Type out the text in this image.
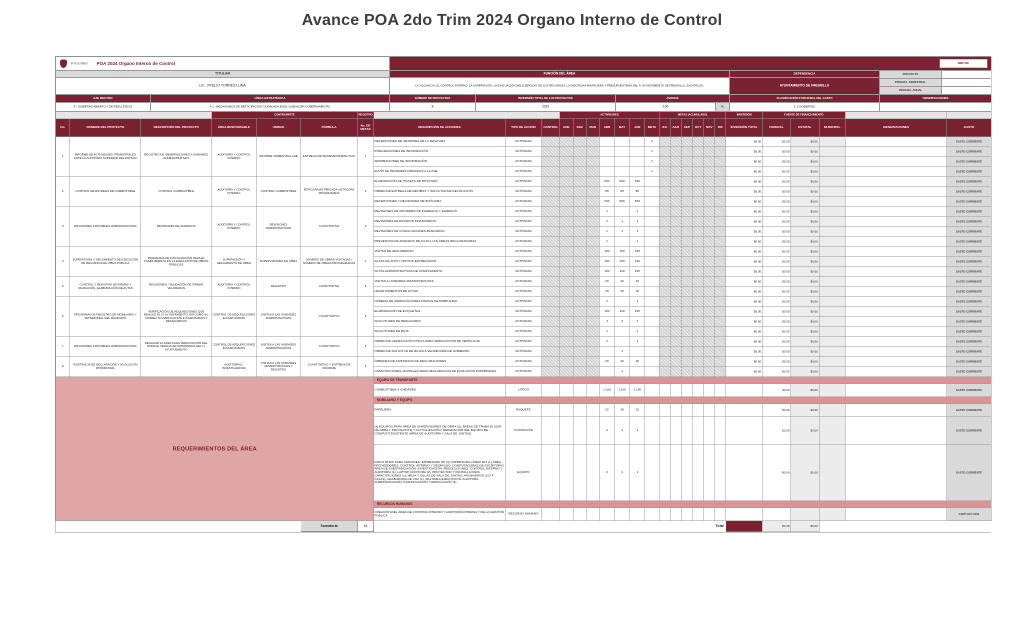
Avance POA 2do Trim 2024 Organo Interno de Control
Fresnillo POA 2024 Organo Interno de Control	MRP-RE
TITULAR	FUNCIÓN DEL ÁREA	DEPENDENCIA	PROYECTO
LIC. VITELIO TORRES LUNA	LA VIGILANCIA, EL CONTROL INTERNO, LA SUPERVISIÓN, LA EVALUACIÓN DEL EJERCICIO DE LOS RECURSOS, LA DISCIPLINA FINANCIERA Y PRESUPUESTARIA DEL H. AYUNTAMIENTO DE FRESNILLO, ZACATECAS.	AYUNTAMIENTO DE FRESNILLO
PROGRA. SEMESTRAL
PROGRA. ANUAL
EJE RECTOR	LÍNEA ESTRATÉGICA	NÚMERO DE PROYECTOS	INVERSIÓN TOTAL DE LOS PROYECTOS	AVANCE	CLASIFICACIÓN FUNCIONAL DEL GASTO	OBSERVACIONES
4.- GOBIERNO ABIERTO Y DE RESULTADOS	4.2.- MECANISMOS DE PARTICIPACIÓN CIUDADANA EN EL QUEHACER GUBERNAMENTAL	8	2023	100	%	1.3 GOBIERNO
			CONTRAPARTE			REGISTRO				ACTIVIDADES							METAS (ACUMULADO)						INVERSIÓN	FUENTE DE FINANCIAMIENTO				
No.	NOMBRE DEL PROYECTO	DESCRIPCIÓN DEL PROYECTO	ÁREA RESPONSABLE	UNIDAD	FÓRMULA	No. DE METAS	DESCRIPCIÓN DE ACCIONES	TIPO DE ACCIÓN	CONTROL	ENE	FEB	MAR	ABR	MAY	JUN	META	JUL	AGO	SEP	OCT	NOV	DIC	INVERSIÓN TOTAL	FEDERAL	ESTATAL	MUNICIPAL	OBSERVACIONES	GASTO
1	INFORME DE ACTIVIDADES TRIMESTRALES ANTE LA AUDITORÍA SUPERIOR DEL ESTADO	REGISTRO DE OBSERVACIONES A UNIDADES ADMINISTRATIVAS	AUDITORÍA Y CONTROL INTERNO	INFORME TRIMESTRAL ASE	ENTREGA DE INFORME RESPECTIVO	1	RECEPCIONES DE INFORMES DE LA JEFATURA	ACTIVIDAD								4							$0.00	$0.00	$0.00			GASTO CORRIENTE
							INTEGRACIONES DE INFORMACIÓN	ACTIVIDAD								1							$0.00	$0.00	$0.00			GASTO CORRIENTE
							APROBACIONES DE INFORMACIÓN	ACTIVIDAD								1							$0.00	$0.00	$0.00			GASTO CORRIENTE
							ENVÍO DE INFORMES FIRMADOS A LA ASE	ACTIVIDAD								1							$0.00	$0.00	$0.00			GASTO CORRIENTE
2	CONTROL DE ENTREGA DE COMBUSTIBLE	CONTROL COMBUSTIBLE	AUDITORÍA Y CONTROL INTERNO	CONTROL COMBUSTIBLE	BITÁCORA ENTREGADA / BITÁCORA PROGRAMADA	5	ELABORACIÓN DE TICKETS DE BITÁCORA	ACTIVIDAD					500	500	500								$0.00	$0.00	$0.00			GASTO CORRIENTE
							ORDEN DE ENTREGA DE RECIBOS Y SOLICITUD DE DEVOLUCIÓN	ACTIVIDAD					85	85	85								$0.00	$0.00	$0.00			GASTO CORRIENTE
							RECEPCIONES Y REVISIONES DE BITÁCORA	ACTIVIDAD					500	500	500								$0.00	$0.00	$0.00			GASTO CORRIENTE
3	REVISIONES CONTABLES ADMINISTRATIVAS	REVISIONES DE INGRESOS	AUDITORÍA Y CONTROL INTERNO	REVISIONES ADMINISTRATIVAS	CUANTITATIVA	5	REVISIONES DE INFORMES DE INGRESOS Y EGRESOS	ACTIVIDAD					1		1								$0.00	$0.00	$0.00			GASTO CORRIENTE
							REVISIONES DE ESTADOS FINANCIEROS	ACTIVIDAD					1	1	1								$0.00	$0.00	$0.00			GASTO CORRIENTE
							REVISIONES DE CONCILIACIONES BANCARIAS	ACTIVIDAD					1	1	1								$0.00	$0.00	$0.00			GASTO CORRIENTE
							PREVENTIVA DE ARQUEOS DE CAJA A LAS ÁREAS RECAUDADORAS	ACTIVIDAD					1		1								$0.00	$0.00	$0.00			GASTO CORRIENTE
4	SUPERVISIÓN Y SEGUIMIENTO DE EJECUCIÓN DE RECURSOS EN OBRA PÚBLICA	PROGRAMA DE FISCALIZACIÓN PARA EL CUMPLIMIENTO EN LA EJECUCIÓN DE OBRAS PÚBLICAS	SUPERVISIÓN Y SEGUIMIENTO DE OBRA	SUPERVISIONES DE OBRA	NÚMERO DE OBRAS VISITADAS / NÚMERO DE OBRAS PROGRAMADAS	1	VISITAS DE SEGUIMIENTO	ACTIVIDAD					150	150	150								$0.00	$0.00	$0.00			GASTO CORRIENTE
							ACTAS DE SITIO / OFICIOS ENTREGADOS	ACTIVIDAD					150	150	150								$0.00	$0.00	$0.00			GASTO CORRIENTE
							ACTAS ADMINISTRATIVAS DE CUMPLIMIENTO	ACTIVIDAD					150	150	150								$0.00	$0.00	$0.00			GASTO CORRIENTE
5	CONTROL Y REGISTRO DE FIRMAS Y VALIDACIÓN, ELABORACIÓN DE ACTAS	REVISIONES / VALIDACIÓN DE FIRMAS VALORADAS	AUDITORÍA Y CONTROL INTERNO	REGISTRO	CUANTITATIVA	6	VISITAS A UNIDADES ADMINISTRATIVAS	ACTIVIDAD					20	20	10								$0.00	$0.00	$0.00			GASTO CORRIENTE
							LEVANTAMIENTOS DE ACTAS	ACTIVIDAD					20	20	10								$0.00	$0.00	$0.00			GASTO CORRIENTE
6	PROGRAMA DE REGISTRO DE MOBILIARIO Y PATRIMONIAL DEL MUNICIPIO	VERIFICACIÓN DE ADQUISICIONES QUE REALICE EL H. AYUNTAMIENTO, ASÍ COMO SU CORRECTA VERIFICACIÓN E INVENTARIOS Y RESGUARDOS	CONTROL DE ADQUISICIONES E INVENTARIOS	VISITAS A LAS UNIDADES ADMINISTRATIVAS	CUANTITATIVO	5	NÚMERO DE VERIFICACIONES FÍSICAS DE MOBILIARIO	ACTIVIDAD					1		1								$0.00	$0.00	$0.00			GASTO CORRIENTE
							ELABORACIÓN DE ETIQUETAS	ACTIVIDAD					150	150	150								$0.00	$0.00	$0.00			GASTO CORRIENTE
							SOLICITUDES DE RESGUARDO	ACTIVIDAD					3	3	3								$0.00	$0.00	$0.00			GASTO CORRIENTE
							SOLICITUDES DE BAJA	ACTIVIDAD					1		1								$0.00	$0.00	$0.00			GASTO CORRIENTE
7	REVISIONES CONTABLES ADMINISTRATIVAS	REALIZAR LA ADECUADA VERIFICACIÓN DEL PARQUE VEHICULAR PATRIMONIO DEL H. AYUNTAMIENTO	CONTROL DE ADQUISICIONES E INVENTARIOS	VISITAS A LAS UNIDADES ADMINISTRATIVAS	CUANTITATIVO	4	ORDEN DE VERIFICACIÓN FÍSICA PARA VERIFICACIÓN DE VEHÍCULOS	ACTIVIDAD					1		1								$0.00	$0.00	$0.00			GASTO CORRIENTE
							ORDEN DE SOLICITUD DE BAJAS A SECRETARÍA DE GOBIERNO	ACTIVIDAD						1									$0.00	$0.00	$0.00			GASTO CORRIENTE
8	ASISTENCIA DE DECLARACIÓN Y EVOLUCIÓN PATRIMONIAL		AUDITORÍAS / INVESTIGADORA	VISITAS A LAS UNIDADES ADMINISTRATIVAS Y REGISTRO	CUANTITATIVO Y ENTREGA DE INFORME	5	ÓRDENES DE ASISTENCIA DE DECLARACIONES	ACTIVIDAD					20	20	20								$0.00	$0.00	$0.00			GASTO CORRIENTE
							CAPACITACIONES GRUPALES PARA DECLARACIÓN DE EVOLUCIÓN PATRIMONIAL	ACTIVIDAD						1									$0.00	$0.00	$0.00			GASTO CORRIENTE
REQUERIMIENTOS DEL ÁREA							EQUIPO DE TRANSPORTE																					
							COMBUSTIBLE 4 UNIDADES	LITROS					1,100	1,100	1,100									$0.00	$0.00			GASTO CORRIENTE
							MOBILIARIO Y EQUIPO																					
							PAPELERÍA	PAQUETE					22	25	22									$0.00	$0.00			GASTO CORRIENTE
							(4) EQUIPOS PARA ÁREA DE SUPERVISORES DE OBRA (3), ÁREAS DE TRABAJO (SUP. DE OBRA Y PROYECTOS) Y ACTUALIZACIÓN / REPARACIÓN DEL EQUIPO DE CÓMPUTO EXISTENTE (ÁREA DE AUDITORÍA Y SALA DE JUNTAS)	COTIZACIÓN					4	1	1									$0.00	$0.00			GASTO CORRIENTE
							DISCO DURO PARA UNIDADES: IMPRESORA HP (4), IMPRESORA LÁSER JET (1) ÁREA PROVEEDORES, CONTROL INTERNO Y DESPACHO; COMPUTADORAS DE ESCRITORIO ÁREA DE SUBSTANCIACIÓN, INVESTIGACIÓN, RESOLUCIONES, CONTROL INTERNO Y AUDITORÍA (1); LAPTOP AUDITORA (2); PROYECTOR Y PANTALLA PARA CAPACITACIONES (1); MESA Y SILLAS DE SALA DE JUNTAS; ARCHIVEROS (3 Ó 4 CAJAS); GRABADORA DE VOZ (1); SILLONES EJECUTIVOS: AUDITORA, SUBSTANCIACIÓN, INVESTIGACIÓN Y RESOLUCIÓN (4)	EQUIPO					2	1	1									$0.00	$0.00			GASTO CORRIENTE
							RECURSOS HUMANOS																					
							CREACIÓN DEL ÁREA DE CONTROL INTERNO Y AUDITORÍA INTERNA Y DE LA GESTIÓN PÚBLICA	RECURSO HUMANO																				CAPÍTULO 1000
					Sumatoria	44														Total				$0.00	$0.00			
